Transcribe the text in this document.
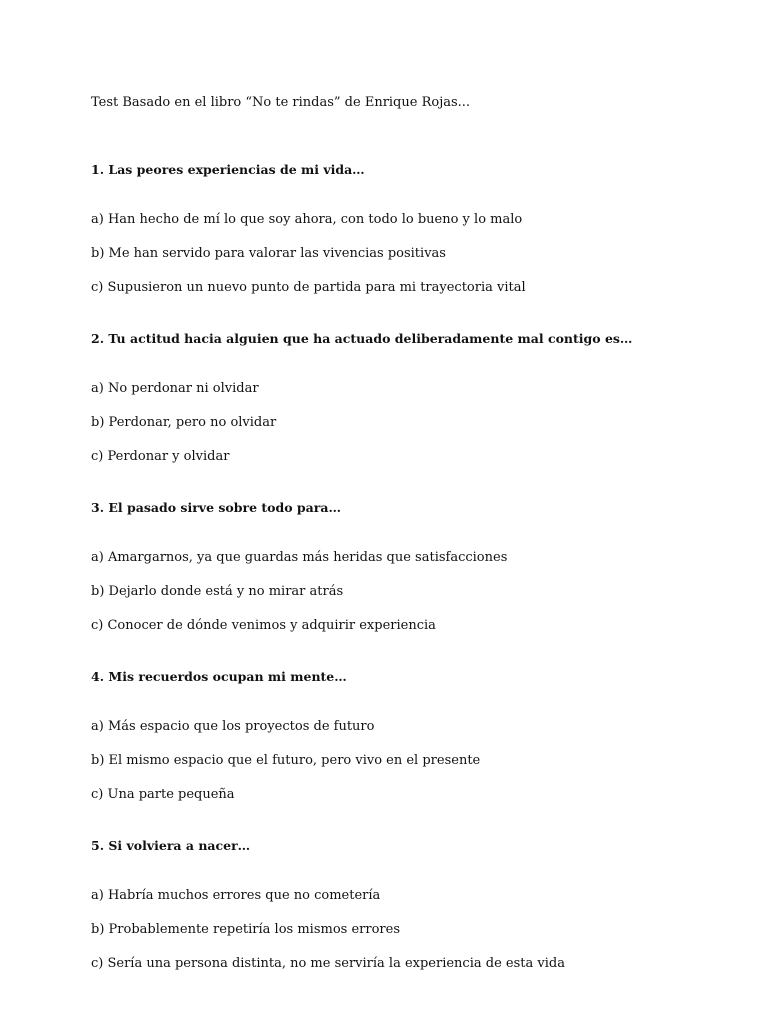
Test Basado en el libro “No te rindas” de Enrique Rojas...
1. Las peores experiencias de mi vida…
a) Han hecho de mí lo que soy ahora, con todo lo bueno y lo malo
b) Me han servido para valorar las vivencias positivas
c) Supusieron un nuevo punto de partida para mi trayectoria vital
2. Tu actitud hacia alguien que ha actuado deliberadamente mal contigo es…
a) No perdonar ni olvidar
b) Perdonar, pero no olvidar
c) Perdonar y olvidar
3. El pasado sirve sobre todo para…
a) Amargarnos, ya que guardas más heridas que satisfacciones
b) Dejarlo donde está y no mirar atrás
c) Conocer de dónde venimos y adquirir experiencia
4. Mis recuerdos ocupan mi mente…
a) Más espacio que los proyectos de futuro
b) El mismo espacio que el futuro, pero vivo en el presente
c) Una parte pequeña
5. Si volviera a nacer…
a) Habría muchos errores que no cometería
b) Probablemente repetiría los mismos errores
c) Sería una persona distinta, no me serviría la experiencia de esta vida
